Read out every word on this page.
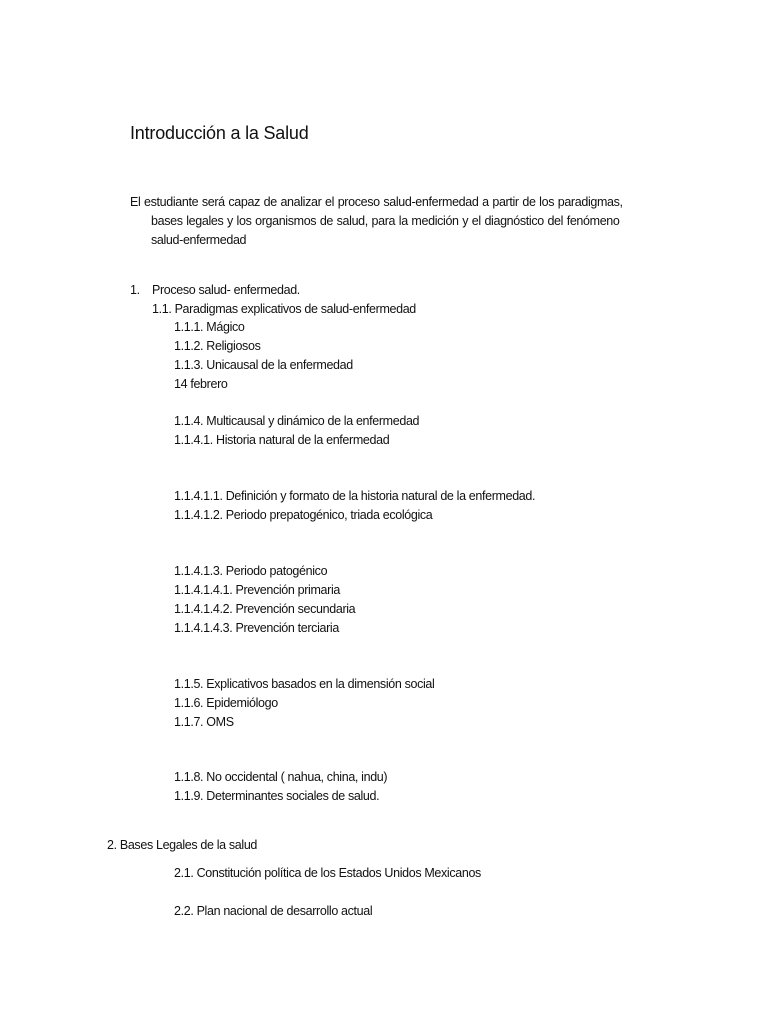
Introducción a la Salud
El estudiante será capaz de analizar el proceso salud-enfermedad a partir de los paradigmas,
bases legales y los organismos de salud, para la medición y el diagnóstico del fenómeno
salud-enfermedad
1. Proceso salud- enfermedad.
1.1. Paradigmas explicativos de salud-enfermedad
1.1.1. Mágico
1.1.2. Religiosos
1.1.3. Unicausal de la enfermedad
14 febrero
1.1.4. Multicausal y dinámico de la enfermedad
1.1.4.1. Historia natural de la enfermedad
1.1.4.1.1. Definición y formato de la historia natural de la enfermedad.
1.1.4.1.2. Periodo prepatogénico, triada ecológica
1.1.4.1.3. Periodo patogénico
1.1.4.1.4.1. Prevención primaria
1.1.4.1.4.2. Prevención secundaria
1.1.4.1.4.3. Prevención terciaria
1.1.5. Explicativos basados en la dimensión social
1.1.6. Epidemiólogo
1.1.7. OMS
1.1.8. No occidental ( nahua, china, indu)
1.1.9. Determinantes sociales de salud.
2. Bases Legales de la salud
2.1. Constitución política de los Estados Unidos Mexicanos
2.2. Plan nacional de desarrollo actual
